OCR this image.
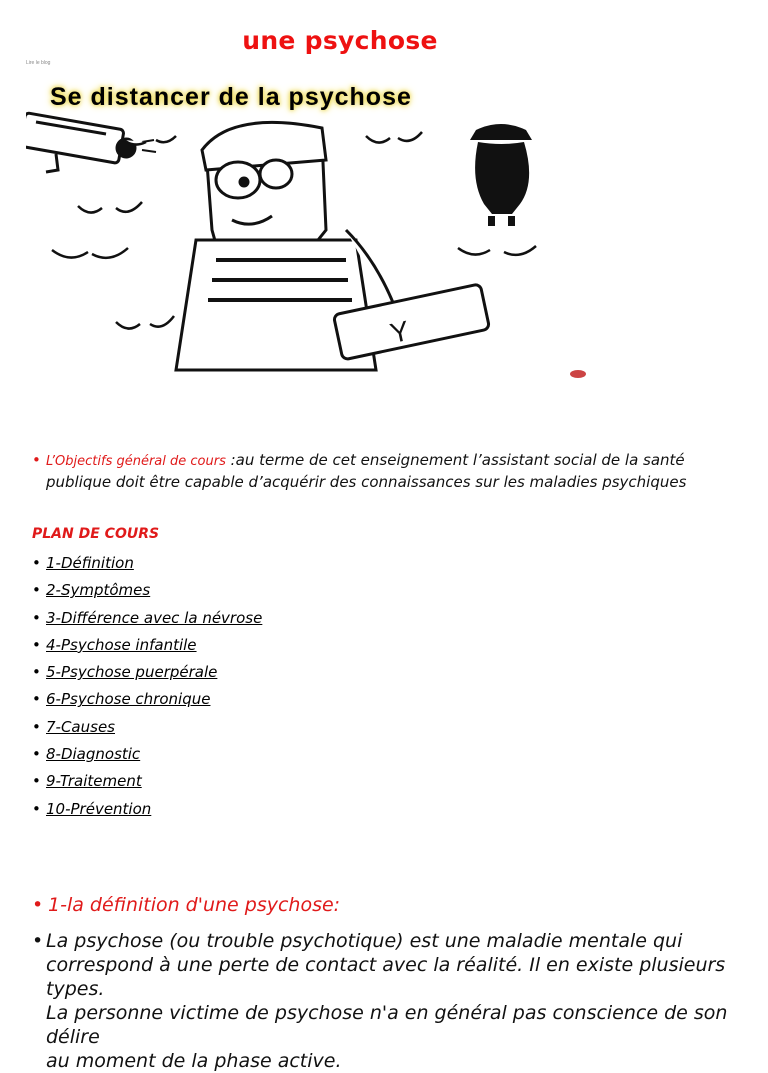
une psychose
Lire le blog
Y
Se distancer de la psychose
• L’Objectifs général de cours :au terme de cet enseignement l’assistant social de la santé
publique doit être capable d’acquérir des connaissances sur les maladies psychiques
PLAN DE COURS
• 1-Définition
• 2-Symptômes
• 3-Différence avec la névrose
• 4-Psychose infantile
• 5-Psychose puerpérale
• 6-Psychose chronique
• 7-Causes
• 8-Diagnostic
• 9-Traitement
• 10-Prévention
• 1-la définition d'une psychose:
• La psychose (ou trouble psychotique) est une maladie mentale qui
correspond à une perte de contact avec la réalité. Il en existe plusieurs types.
La personne victime de psychose n'a en général pas conscience de son délire
au moment de la phase active.
